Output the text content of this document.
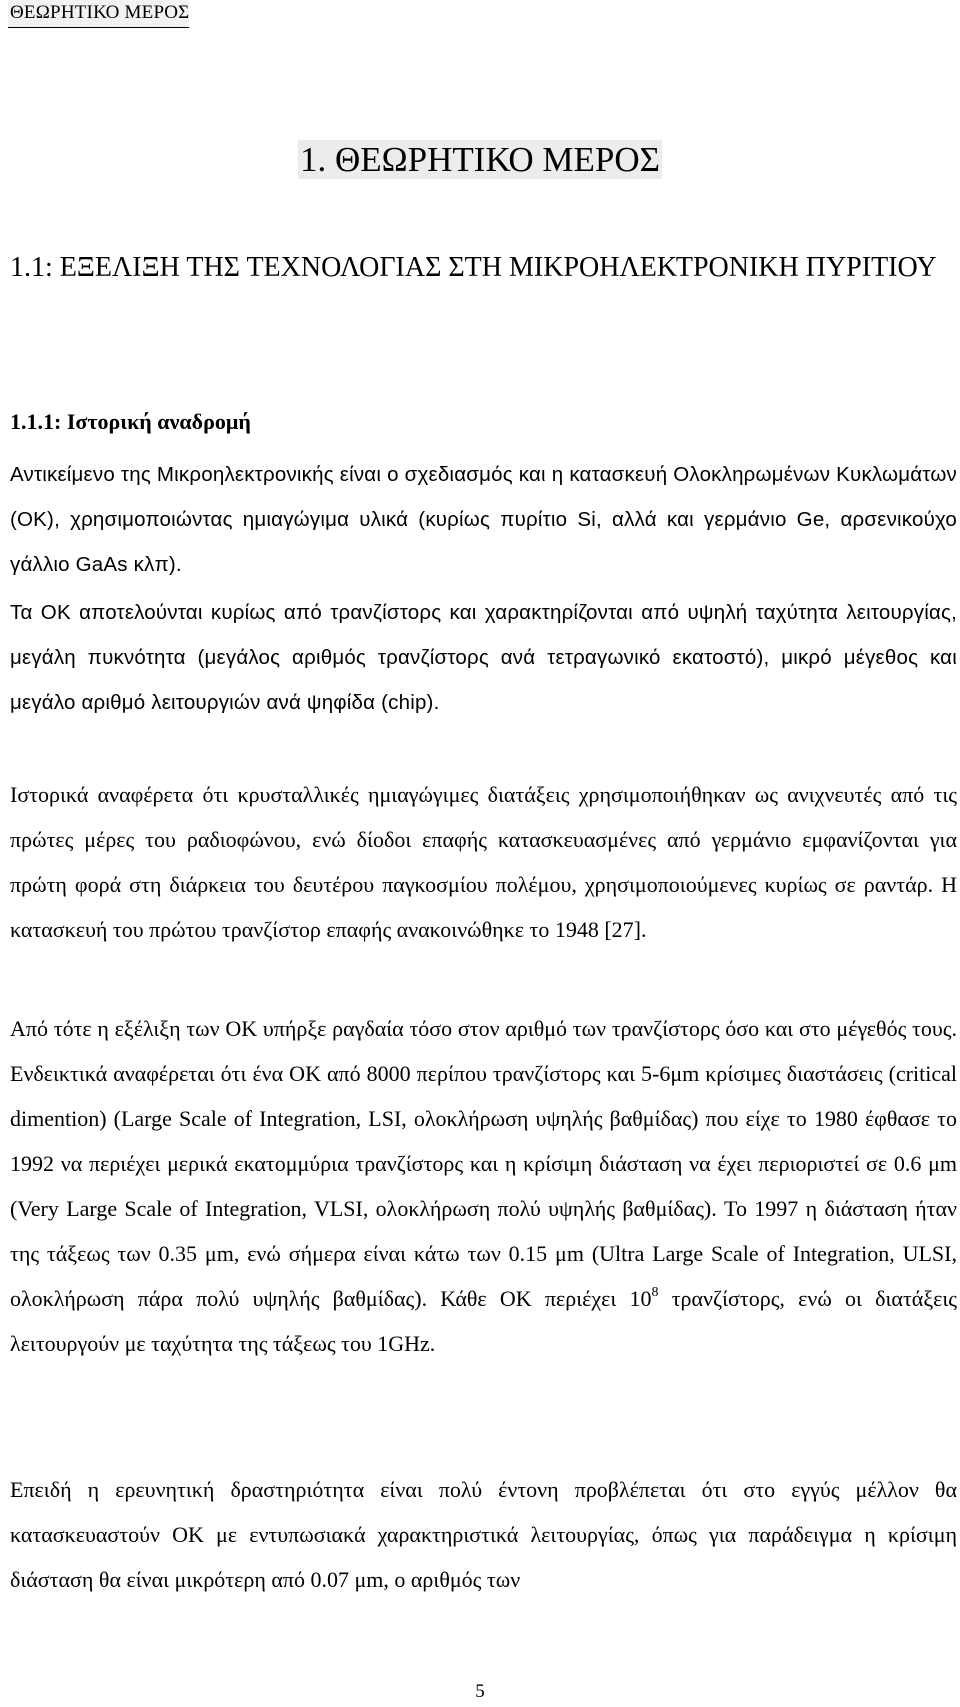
ΘΕΩΡΗΤΙΚΟ ΜΕΡΟΣ
1. ΘΕΩΡΗΤΙΚΟ ΜΕΡΟΣ
1.1: ΕΞΕΛΙΞΗ ΤΗΣ ΤΕΧΝΟΛΟΓΙΑΣ ΣΤΗ ΜΙΚΡΟΗΛΕΚΤΡΟΝΙΚΗ ΠΥΡΙΤΙΟΥ
1.1.1: Ιστορική αναδρομή

Αντικείμενο της Μικροηλεκτρονικής είναι ο σχεδιασμός και η κατασκευή Ολοκληρωμένων Κυκλωμάτων (ΟΚ), χρησιμοποιώντας ημιαγώγιμα υλικά (κυρίως πυρίτιο Si, αλλά και γερμάνιο Ge, αρσενικούχο γάλλιο GaAs κλπ).

Τα ΟΚ αποτελούνται κυρίως από τρανζίστορς και χαρακτηρίζονται από υψηλή ταχύτητα λειτουργίας, μεγάλη πυκνότητα (μεγάλος αριθμός τρανζίστορς ανά τετραγωνικό εκατοστό), μικρό μέγεθος και μεγάλο αριθμό λειτουργιών ανά ψηφίδα (chip).

Ιστορικά αναφέρετα ότι κρυσταλλικές ημιαγώγιμες διατάξεις χρησιμοποιήθηκαν ως ανιχνευτές από τις πρώτες μέρες του ραδιοφώνου, ενώ δίοδοι επαφής κατασκευασμένες από γερμάνιο εμφανίζονται για πρώτη φορά στη διάρκεια του δευτέρου παγκοσμίου πολέμου, χρησιμοποιούμενες κυρίως σε ραντάρ. Η κατασκευή του πρώτου τρανζίστορ επαφής ανακοινώθηκε το 1948 [27].

Από τότε η εξέλιξη των ΟΚ υπήρξε ραγδαία τόσο στον αριθμό των τρανζίστορς όσο και στο μέγεθός τους. Ενδεικτικά αναφέρεται ότι ένα ΟΚ από 8000 περίπου τρανζίστορς και 5-6μm κρίσιμες διαστάσεις (critical dimention) (Large Scale of Integration, LSI, ολοκλήρωση υψηλής βαθμίδας) που είχε το 1980 έφθασε το 1992 να περιέχει μερικά εκατομμύρια τρανζίστορς και η κρίσιμη διάσταση να έχει περιοριστεί σε 0.6 μm (Very Large Scale of Integration, VLSI, ολοκλήρωση πολύ υψηλής βαθμίδας). Το 1997 η διάσταση ήταν της τάξεως των 0.35 μm, ενώ σήμερα είναι κάτω των 0.15 μm (Ultra Large Scale of Integration, ULSI, ολοκλήρωση πάρα πολύ υψηλής βαθμίδας). Κάθε ΟΚ περιέχει $10^8$ τρανζίστορς, ενώ οι διατάξεις λειτουργούν με ταχύτητα της τάξεως του 1GHz.

Επειδή η ερευνητική δραστηριότητα είναι πολύ έντονη προβλέπεται ότι στο εγγύς μέλλον θα κατασκευαστούν ΟΚ με εντυπωσιακά χαρακτηριστικά λειτουργίας, όπως για παράδειγμα η κρίσιμη διάσταση θα είναι μικρότερη από 0.07 μm, ο αριθμός των

5
